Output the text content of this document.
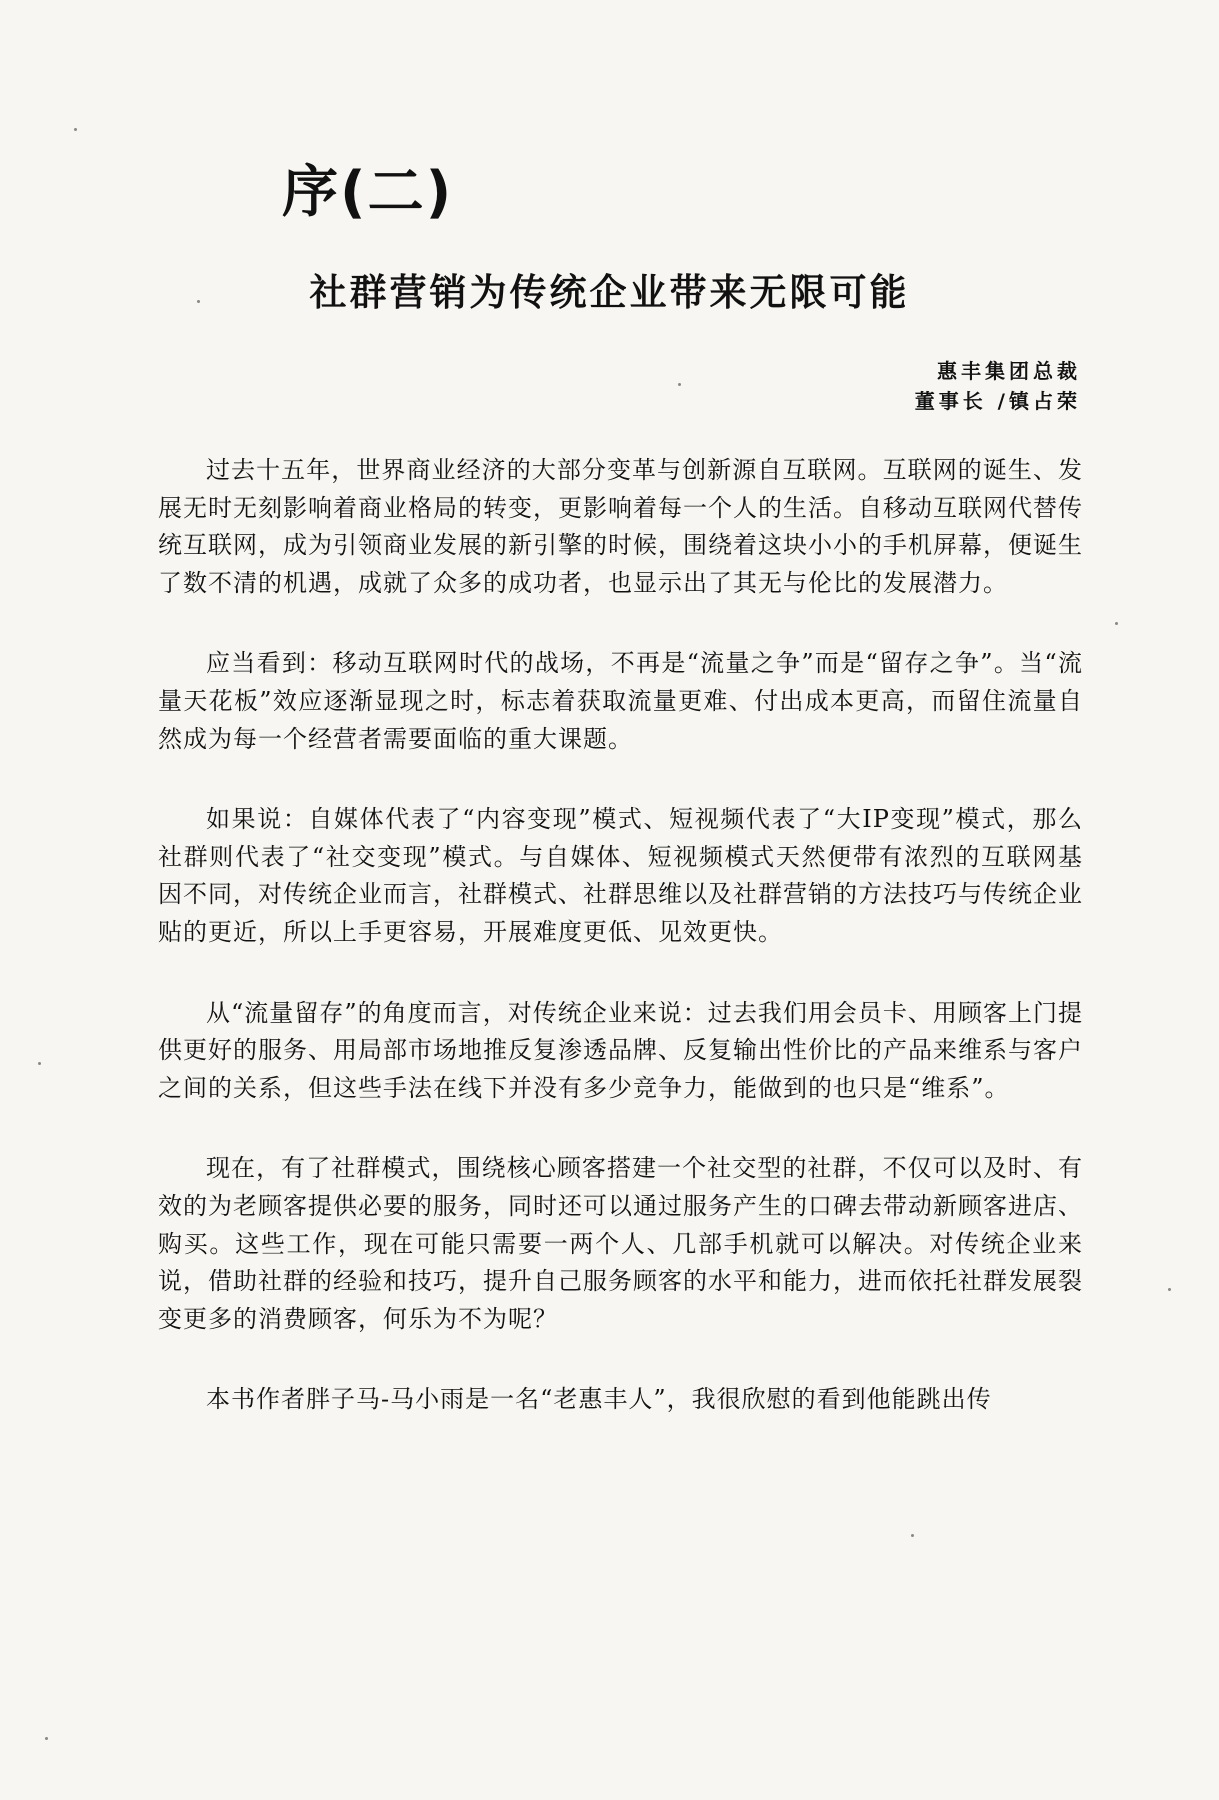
序(二)
社群营销为传统企业带来无限可能
惠丰集团总裁
董事长 /镇占荣

过去十五年，世界商业经济的大部分变革与创新源自互联网。互联网的诞生、发展无时无刻影响着商业格局的转变，更影响着每一个人的生活。自移动互联网代替传统互联网，成为引领商业发展的新引擎的时候，围绕着这块小小的手机屏幕，便诞生了数不清的机遇，成就了众多的成功者，也显示出了其无与伦比的发展潜力。

应当看到：移动互联网时代的战场，不再是“流量之争”而是“留存之争”。当“流量天花板”效应逐渐显现之时，标志着获取流量更难、付出成本更高，而留住流量自然成为每一个经营者需要面临的重大课题。

如果说：自媒体代表了“内容变现”模式、短视频代表了“大IP变现”模式，那么社群则代表了“社交变现”模式。与自媒体、短视频模式天然便带有浓烈的互联网基因不同，对传统企业而言，社群模式、社群思维以及社群营销的方法技巧与传统企业贴的更近，所以上手更容易，开展难度更低、见效更快。

从“流量留存”的角度而言，对传统企业来说：过去我们用会员卡、用顾客上门提供更好的服务、用局部市场地推反复渗透品牌、反复输出性价比的产品来维系与客户之间的关系，但这些手法在线下并没有多少竞争力，能做到的也只是“维系”。

现在，有了社群模式，围绕核心顾客搭建一个社交型的社群，不仅可以及时、有效的为老顾客提供必要的服务，同时还可以通过服务产生的口碑去带动新顾客进店、购买。这些工作，现在可能只需要一两个人、几部手机就可以解决。对传统企业来说，借助社群的经验和技巧，提升自己服务顾客的水平和能力，进而依托社群发展裂变更多的消费顾客，何乐为不为呢？

本书作者胖子马-马小雨是一名“老惠丰人”，我很欣慰的看到他能跳出传
